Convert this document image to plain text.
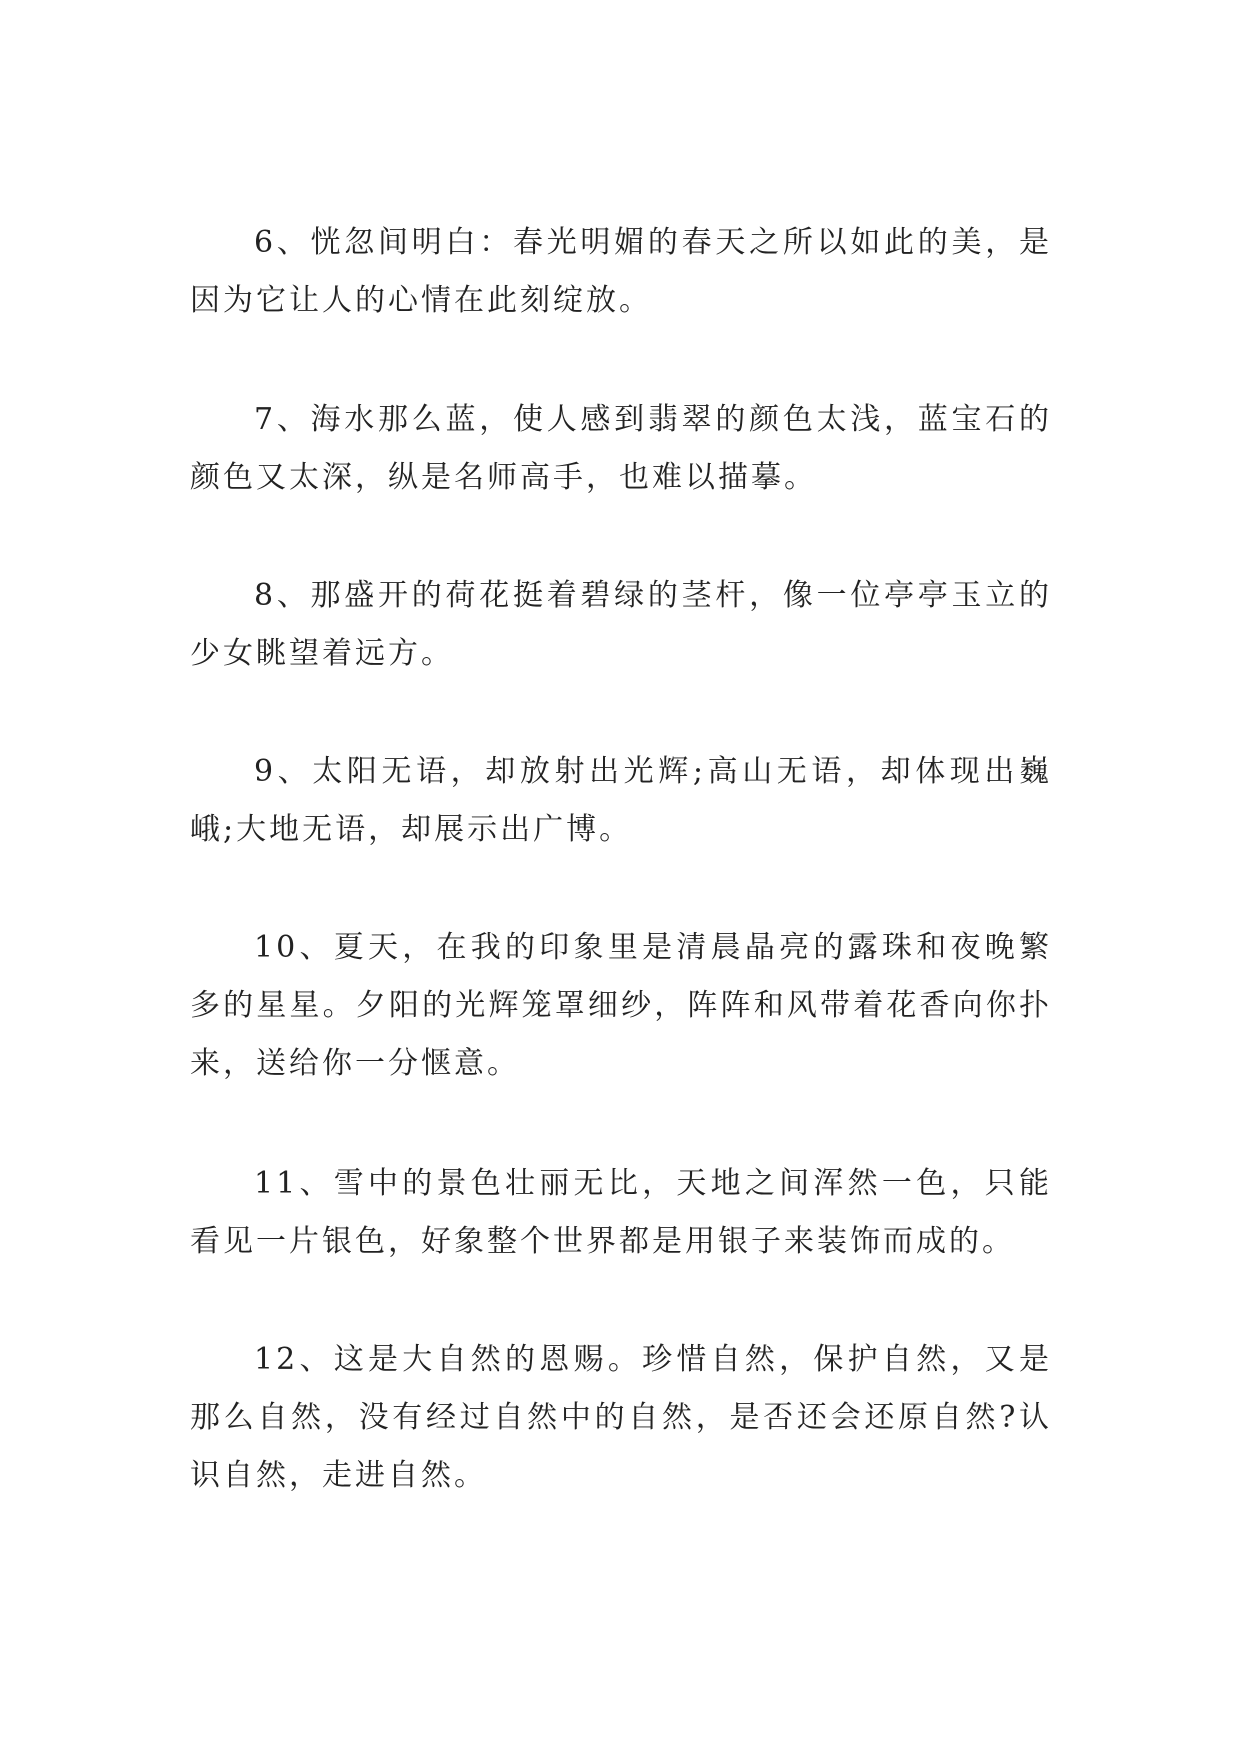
6、恍忽间明白：春光明媚的春天之所以如此的美，是因为它让人的心情在此刻绽放。

7、海水那么蓝，使人感到翡翠的颜色太浅，蓝宝石的颜色又太深，纵是名师高手，也难以描摹。

8、那盛开的荷花挺着碧绿的茎杆，像一位亭亭玉立的少女眺望着远方。

9、太阳无语，却放射出光辉;高山无语，却体现出巍峨;大地无语，却展示出广博。

10、夏天，在我的印象里是清晨晶亮的露珠和夜晚繁多的星星。夕阳的光辉笼罩细纱，阵阵和风带着花香向你扑来，送给你一分惬意。

11、雪中的景色壮丽无比，天地之间浑然一色，只能看见一片银色，好象整个世界都是用银子来装饰而成的。

12、这是大自然的恩赐。珍惜自然，保护自然，又是那么自然，没有经过自然中的自然，是否还会还原自然?认识自然，走进自然。
